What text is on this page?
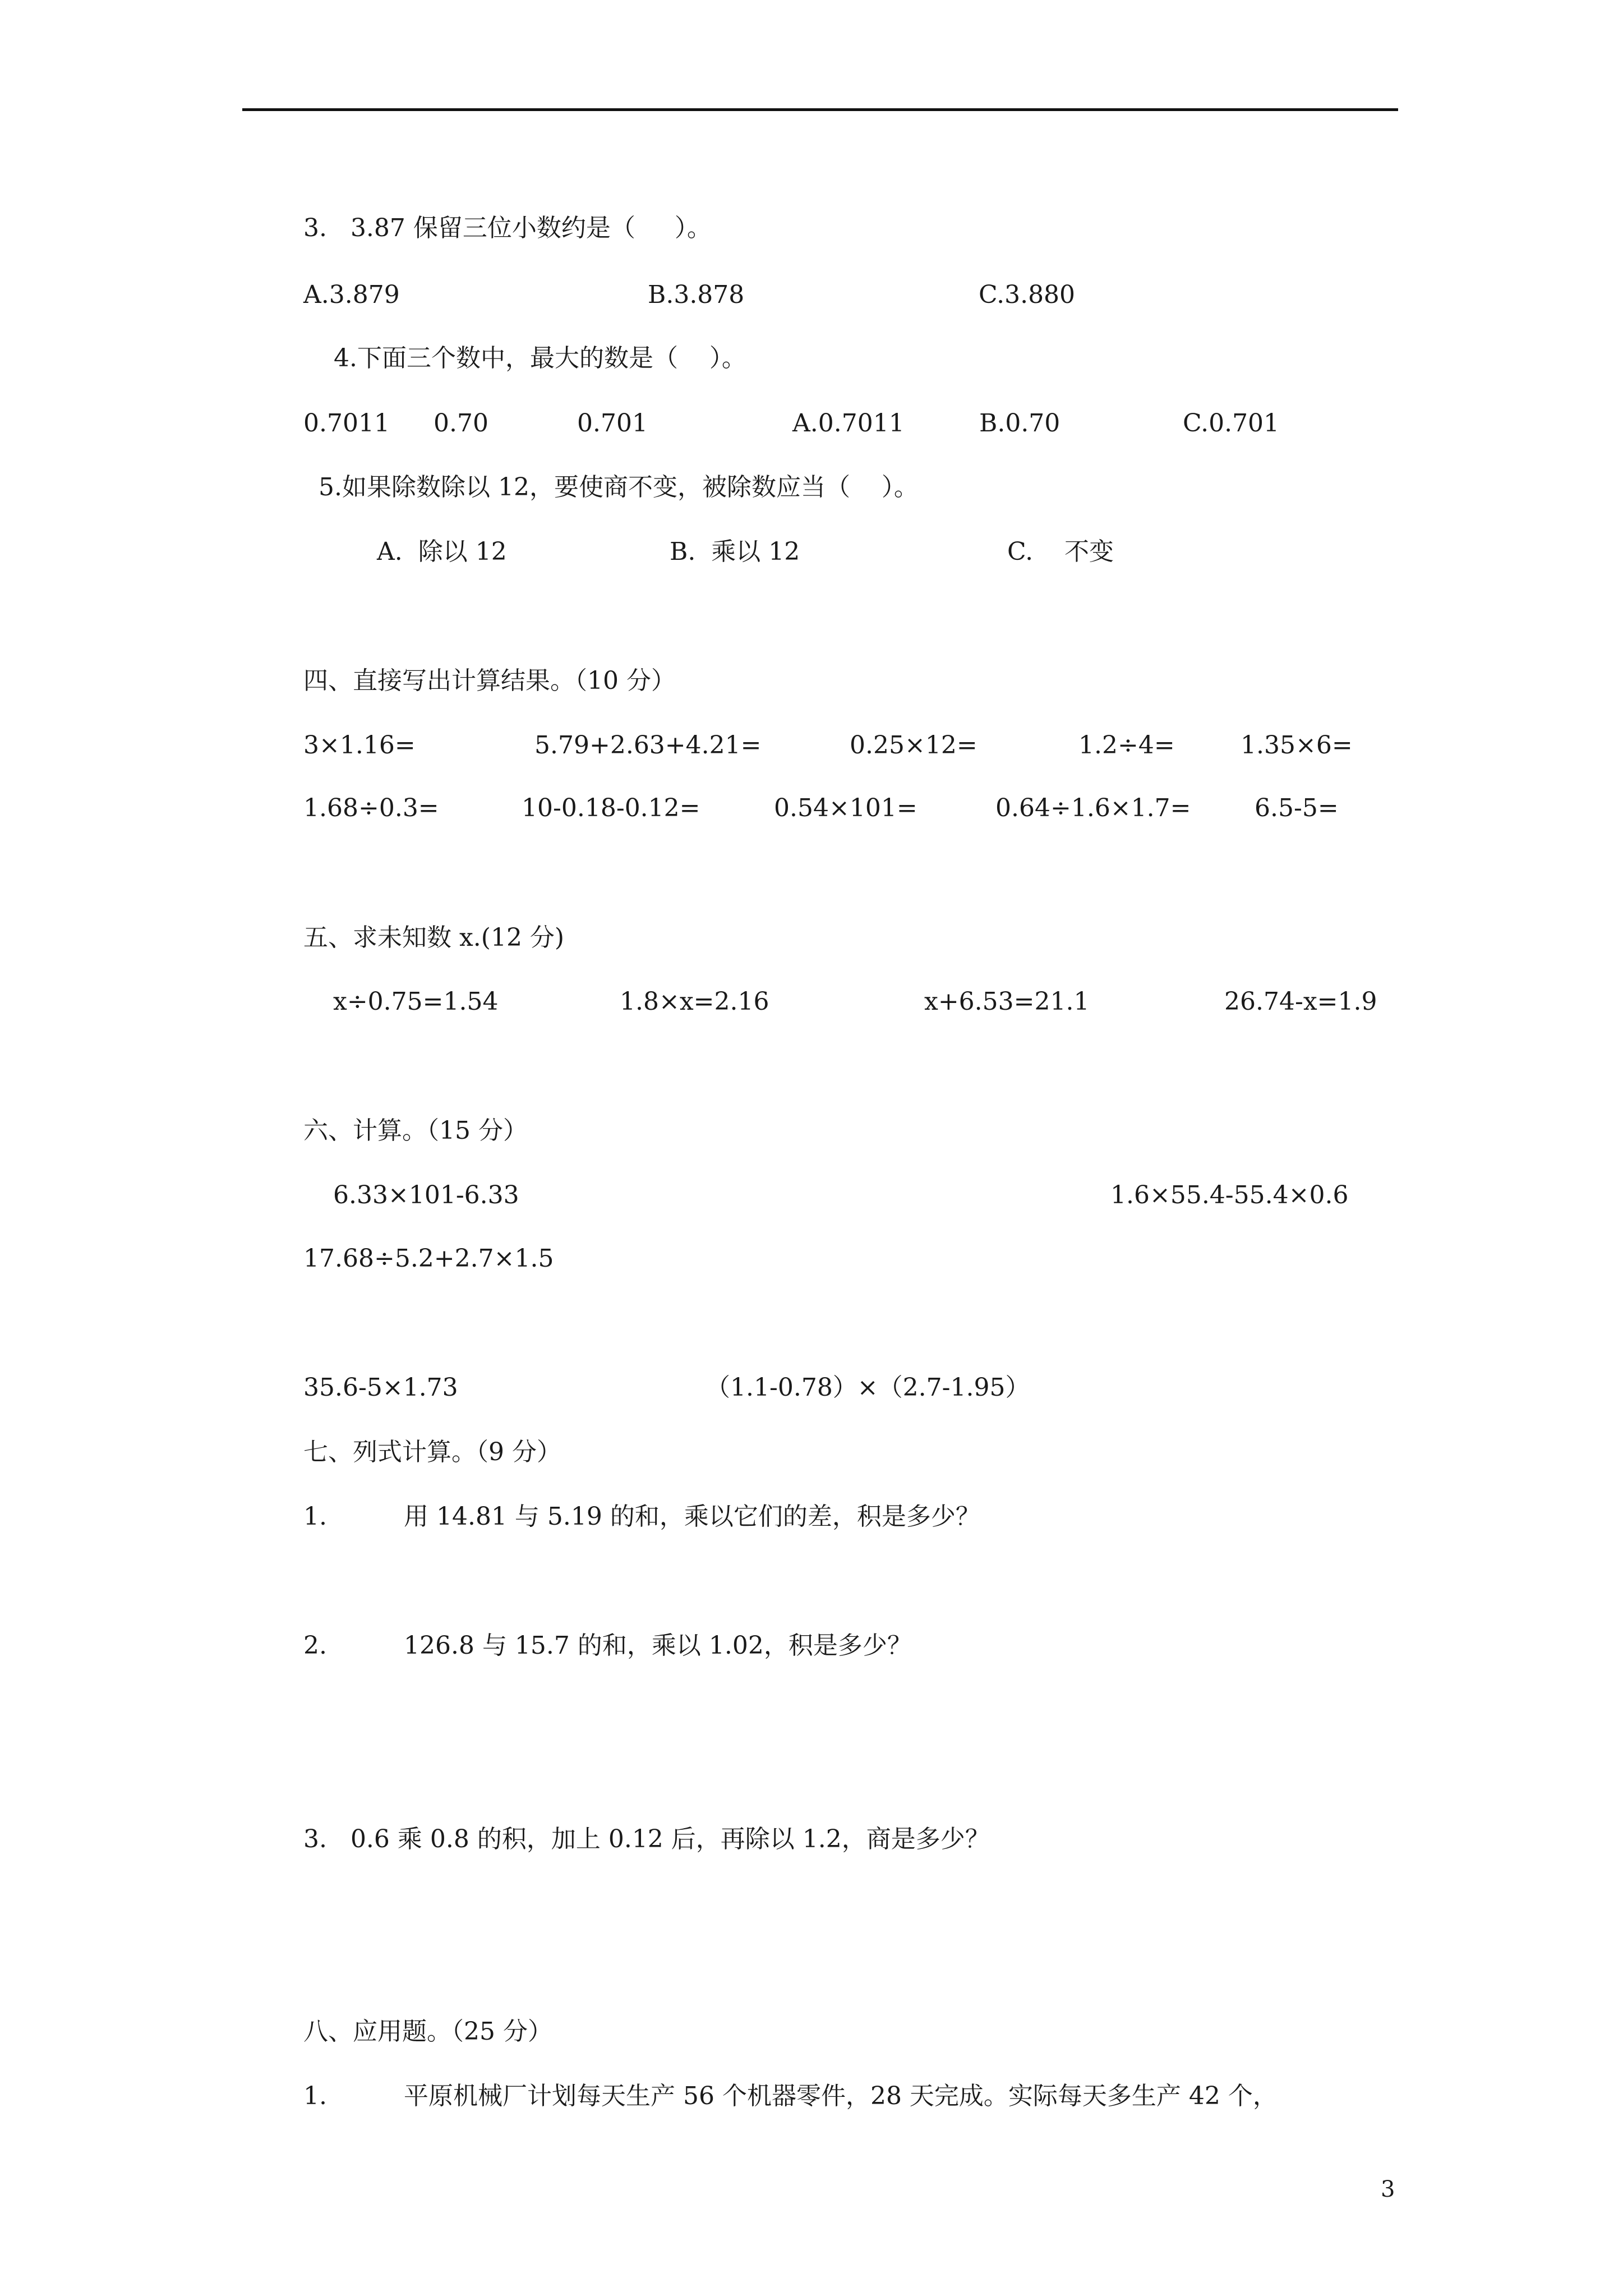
3.   3.87 保留三位小数约是（     ）。
A.3.879	B.3.878	C.3.880
4.下面三个数中，最大的数是（    ）。
0.7011 0.70	0.701	A.0.7011	B.0.70	C.0.701
5.如果除数除以 12，要使商不变，被除数应当（    ）。
A.  除以 12	B.  乘以 12	C.    不变
四、直接写出计算结果。（10 分）
3×1.16=	5.79+2.63+4.21=	0.25×12=	1.2÷4=	1.35×6=
1.68÷0.3=	10-0.18-0.12=	0.54×101=	0.64÷1.6×1.7=	6.5-5=
五、求未知数 x.(12 分)
x÷0.75=1.54	1.8×x=2.16	x+6.53=21.1	26.74-x=1.9
六、计算。（15 分）
6.33×101-6.33	1.6×55.4-55.4×0.6
17.68÷5.2+2.7×1.5
35.6-5×1.73	（1.1-0.78）×（2.7-1.95）
七、列式计算。（9 分）
1.	用 14.81 与 5.19 的和，乘以它们的差，积是多少？
2.	126.8 与 15.7 的和，乘以 1.02，积是多少？
3.   0.6 乘 0.8 的积，加上 0.12 后，再除以 1.2，商是多少？
八、应用题。（25 分）
1.	平原机械厂计划每天生产 56 个机器零件，28 天完成。实际每天多生产 42 个，
3
